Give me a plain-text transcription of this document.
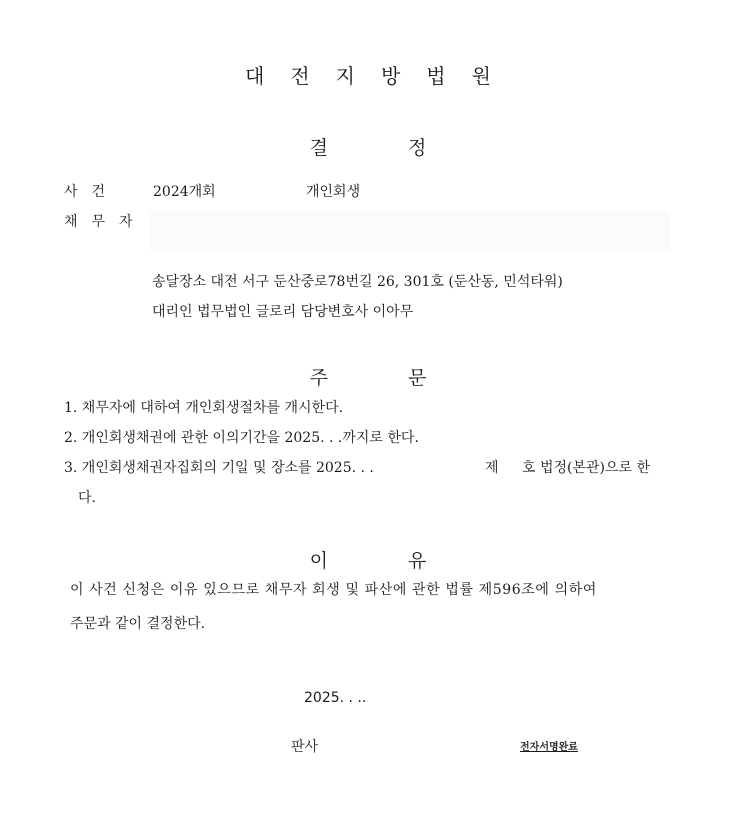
대전지방법원
결	정
사건 2024개회	개인회생
채무자
송달장소 대전 서구 둔산중로78번길 26, 301호 (둔산동, 민석타워)
대리인 법무법인 글로리 담당변호사 이아무
주	문
1. 채무자에 대하여 개인회생절차를 개시한다.
2. 개인회생채권에 관한 이의기간을 2025. . .까지로 한다.
3. 개인회생채권자집회의 기일 및 장소를 2025. . .	제 호 법정(본관)으로 한
다.
이	유
이 사건 신청은 이유 있으므로 채무자 회생 및 파산에 관한 법률 제596조에 의하여
주문과 같이 결정한다.
2025. . ..
판사	전자서명완료
